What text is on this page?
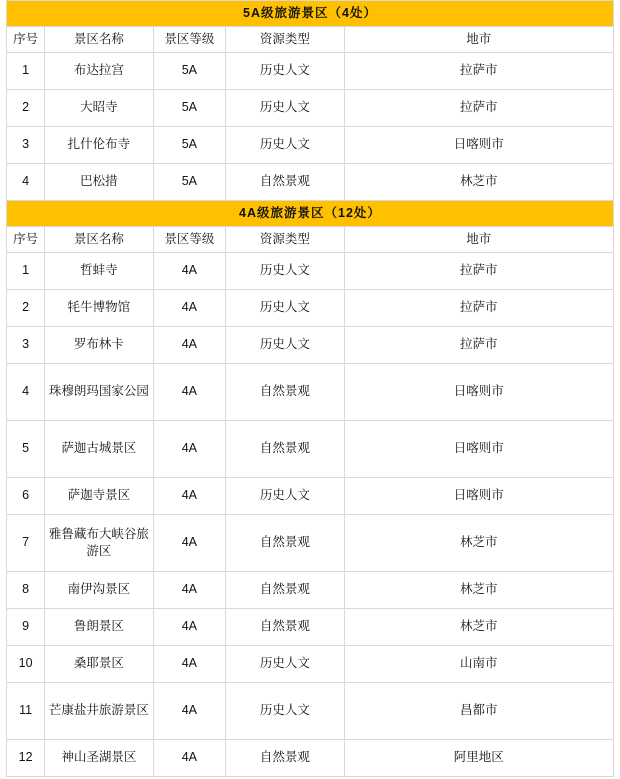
5A级旅游景区（4处）				
序号	景区名称	景区等级	资源类型	地市
1	布达拉宫	5A	历史人文	拉萨市
2	大昭寺	5A	历史人文	拉萨市
3	扎什伦布寺	5A	历史人文	日喀则市
4	巴松措	5A	自然景观	林芝市
4A级旅游景区（12处）				
序号	景区名称	景区等级	资源类型	地市
1	哲蚌寺	4A	历史人文	拉萨市
2	牦牛博物馆	4A	历史人文	拉萨市
3	罗布林卡	4A	历史人文	拉萨市
4	珠穆朗玛国家公园	4A	自然景观	日喀则市
5	萨迦古城景区	4A	自然景观	日喀则市
6	萨迦寺景区	4A	历史人文	日喀则市
7	雅鲁藏布大峡谷旅游区	4A	自然景观	林芝市
8	南伊沟景区	4A	自然景观	林芝市
9	鲁朗景区	4A	自然景观	林芝市
10	桑耶景区	4A	历史人文	山南市
11	芒康盐井旅游景区	4A	历史人文	昌都市
12	神山圣湖景区	4A	自然景观	阿里地区
